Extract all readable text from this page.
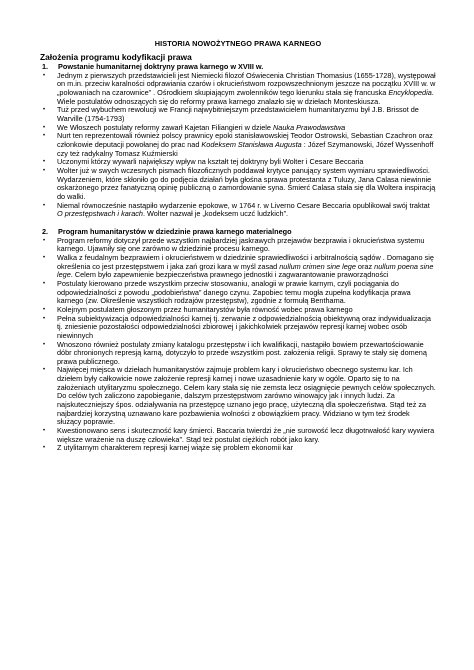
HISTORIA NOWOŻYTNEGO PRAWA KARNEGO
Założenia programu kodyfikacji prawa
1.	Powstanie humanitarnej doktryny prawa karnego w XVIII w.
•	Jednym z pierwszych przedstawicieli jest Niemiecki filozof Oświecenia Christian Thomasius (1655-1728), występował on m.in. przeciw karalności odprawiania czarów i okrucieństwom rozpowszechnionym jeszcze na początku XVIII w. w „polowaniach na czarownice” . Ośrodkiem skupiającym zwolenników tego kierunku stała się francuska Encyklopedia. Wiele postulatów odnoszących się do reformy prawa karnego znalazło się w dziełach Monteskiusza.
•	Tuż przed wybuchem rewolucji we Francji najwybitniejszym przedstawicielem humanitaryzmu był J.B. Brissot de Warville (1754-1793)
•	We Włoszech postulaty reformy zawarł Kajetan Filiangieri w dziele Nauka Prawodawstwa
•	Nurt ten reprezentowali również polscy prawnicy epoki stanisławowskiej Teodor Ostrowski, Sebastian Czachron oraz członkowie deputacji powołanej do prac nad Kodeksem Stanisława Augusta : Józef Szymanowski, Józef Wyssenhoff czy też radykalny Tomasz Kuźmierski
•	Uczonymi którzy wywarli największy wpływ na kształt tej doktryny byli Wolter i Cesare Beccaria
•	Wolter już w swych wczesnych pismach filozoficznych poddawał krytyce panujący system wymiaru sprawiedliwości. Wydarzeniem, które skłoniło go do podjęcia działań była głośna sprawa protestanta z Tuluzy, Jana Calasa niewinnie oskarżonego przez fanatyczną opinię publiczną o zamordowanie syna. Śmierć Calasa stała się dla Woltera inspiracją do walki.
•	Niemal równocześnie nastąpiło wydarzenie epokowe, w 1764 r. w Liverno Cesare Beccaria opublikował swój traktat O przestępstwach i karach. Wolter nazwał je „kodeksem uczć ludzkich”.
2.	Program humanitarystów w dziedzinie prawa karnego materialnego
•	Program reformy dotyczył przede wszystkim najbardziej jaskrawych przejawów bezprawia i okrucieństwa systemu karnego. Ujawniły się one zarówno w dziedzinie procesu karnego.
•	Walka z feudalnym bezprawiem i okrucieństwem w dziedzinie sprawiedliwości i arbitralnością sądów . Domagano się określenia co jest przestępstwem i jaka zań grozi kara w myśl zasad nullum crimen sine lege oraz nullum poena sine lege. Celem było zapewnienie bezpieczeństwa prawnego jednostki i zagwarantowanie praworządności
•	Postulaty kierowano przede wszystkim przeciw stosowaniu, analogii w prawie karnym, czyli pociągania do odpowiedzialności z powodu „podobieństwa” danego czynu. Zapobiec temu mogła zupełna kodyfikacja prawa karnego (zw. Określenie wszystkich rodzajów przestępstw), zgodnie z formułą Benthama.
•	Kolejnym postulatem głoszonym przez humanitarystów była równość wobec prawa karnego
•	Pełna subiektywizacja odpowiedzialności karnej tj. zerwanie z odpowiedzialnością obiektywną oraz indywidualizacja tj. zniesienie pozostałości odpowiedzialności zbiorowej i jakichkolwiek przejawów represji karnej wobec osób niewinnych
•	Wnoszono również postulaty zmiany katalogu przestępstw i ich kwalifikacji, nastąpiło bowiem przewartościowanie dóbr chronionych represją karną, dotyczyło to przede wszystkim post. założenia religii. Sprawy te stały się domeną prawa publicznego.
•	Najwięcej miejsca w dziełach humanitarystów zajmuje problem kary i okrucieństwo obecnego systemu kar. Ich dziełem były całkowicie nowe założenie represji karnej i nowe uzasadnienie kary w ogóle. Oparto się to na założeniach utylitaryzmu społecznego. Celem kary stała się nie zemsta lecz osiągnięcie pewnych celów społecznych. Do celów tych zaliczono zapobieganie, dalszym przestępstwom zarówno winowajcy jak i innych ludzi. Za najskuteczniejszy śpos. odziaływania na przestępcę uznano jego pracę, użyteczną dla społeczeństwa. Stąd też za najbardziej korzystną uznawano kare pozbawienia wolności z obowiązkiem pracy. Widziano w tym też środek służący poprawie.
•	Kwestionowano sens i skuteczność kary śmierci. Baccaria twierdzi że „nie surowość lecz długotrwałość kary wywiera większe wrażenie na duszę człowieka”. Stąd też postulat ciężkich robót jako kary.
•	Z utylitarnym charakterem represji karnej wiąże się problem ekonomii kar
